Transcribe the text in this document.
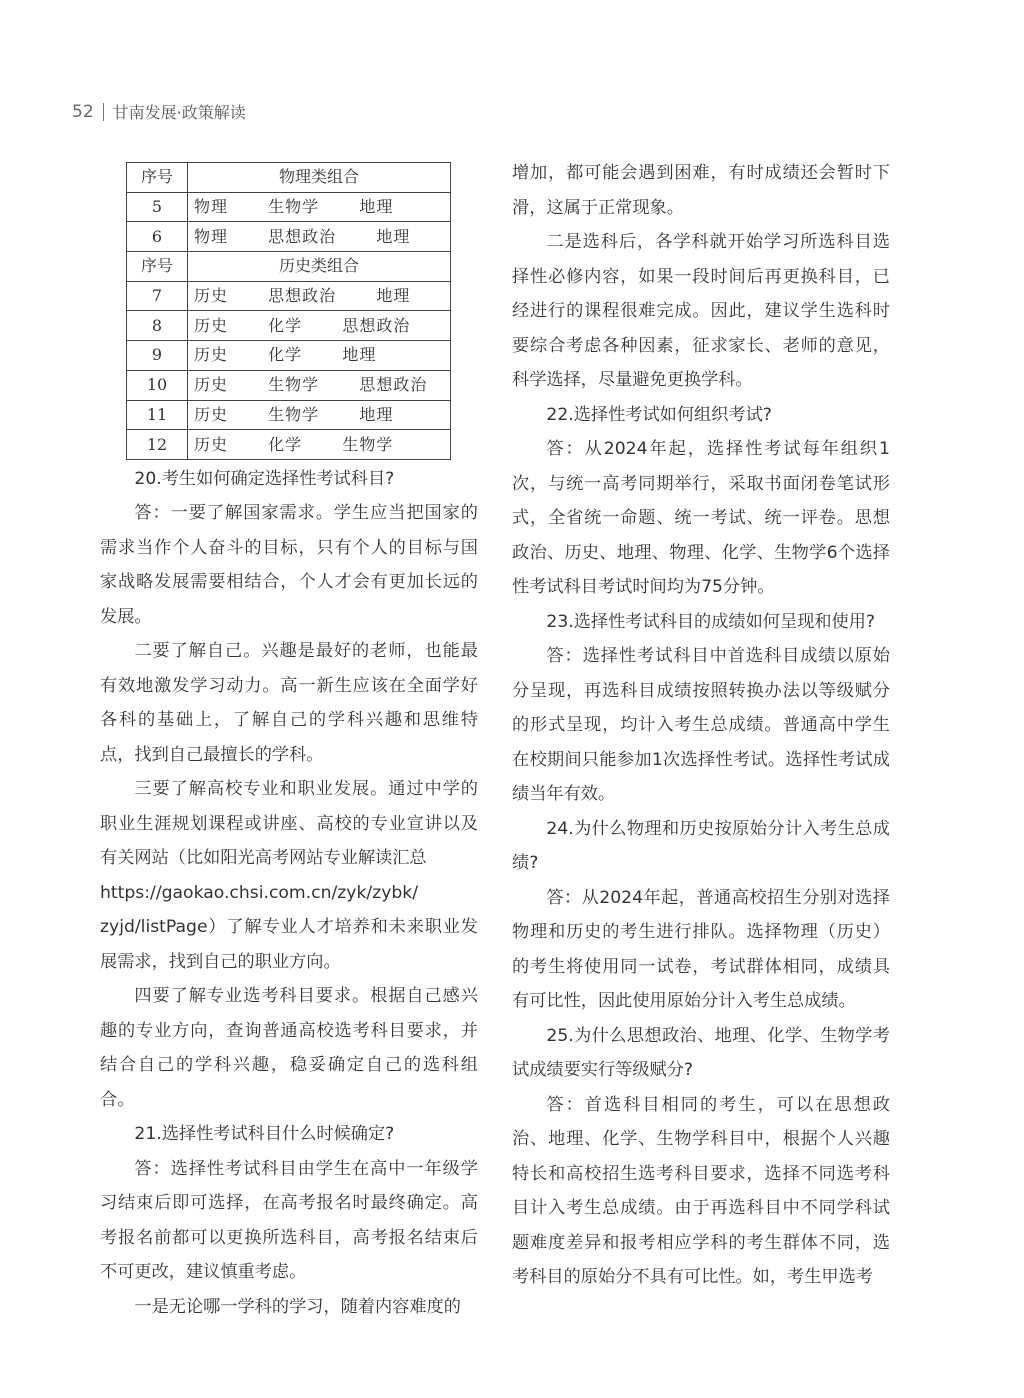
52 甘南发展·政策解读
序号	物理类组合
5	物理  生物学  地理
6	物理  思想政治  地理
序号	历史类组合
7	历史  思想政治  地理
8	历史  化学  思想政治
9	历史  化学  地理
10	历史  生物学  思想政治
11	历史  生物学  地理
12	历史  化学  生物学

20.考生如何确定选择性考试科目?

答：一要了解国家需求。学生应当把国家的需求当作个人奋斗的目标，只有个人的目标与国家战略发展需要相结合，个人才会有更加长远的发展。

二要了解自己。兴趣是最好的老师，也能最有效地激发学习动力。高一新生应该在全面学好各科的基础上，了解自己的学科兴趣和思维特点，找到自己最擅长的学科。

三要了解高校专业和职业发展。通过中学的职业生涯规划课程或讲座、高校的专业宣讲以及有关网站（比如阳光高考网站专业解读汇总

https://gaokao.chsi.com.cn/zyk/zybk/

zyjd/listPage）了解专业人才培养和未来职业发展需求，找到自己的职业方向。

四要了解专业选考科目要求。根据自己感兴趣的专业方向，查询普通高校选考科目要求，并结合自己的学科兴趣，稳妥确定自己的选科组合。

21.选择性考试科目什么时候确定?

答：选择性考试科目由学生在高中一年级学习结束后即可选择，在高考报名时最终确定。高考报名前都可以更换所选科目，高考报名结束后不可更改，建议慎重考虑。

一是无论哪一学科的学习，随着内容难度的

增加，都可能会遇到困难，有时成绩还会暂时下滑，这属于正常现象。

二是选科后，各学科就开始学习所选科目选择性必修内容，如果一段时间后再更换科目，已经进行的课程很难完成。因此，建议学生选科时要综合考虑各种因素，征求家长、老师的意见，科学选择，尽量避免更换学科。

22.选择性考试如何组织考试?

答：从2024年起，选择性考试每年组织1次，与统一高考同期举行，采取书面闭卷笔试形式，全省统一命题、统一考试、统一评卷。思想政治、历史、地理、物理、化学、生物学6个选择性考试科目考试时间均为75分钟。

23.选择性考试科目的成绩如何呈现和使用?

答：选择性考试科目中首选科目成绩以原始分呈现，再选科目成绩按照转换办法以等级赋分的形式呈现，均计入考生总成绩。普通高中学生在校期间只能参加1次选择性考试。选择性考试成绩当年有效。

24.为什么物理和历史按原始分计入考生总成绩?

答：从2024年起，普通高校招生分别对选择物理和历史的考生进行排队。选择物理（历史）的考生将使用同一试卷，考试群体相同，成绩具有可比性，因此使用原始分计入考生总成绩。

25.为什么思想政治、地理、化学、生物学考试成绩要实行等级赋分?

答：首选科目相同的考生，可以在思想政治、地理、化学、生物学科目中，根据个人兴趣特长和高校招生选考科目要求，选择不同选考科目计入考生总成绩。由于再选科目中不同学科试题难度差异和报考相应学科的考生群体不同，选考科目的原始分不具有可比性。如，考生甲选考
